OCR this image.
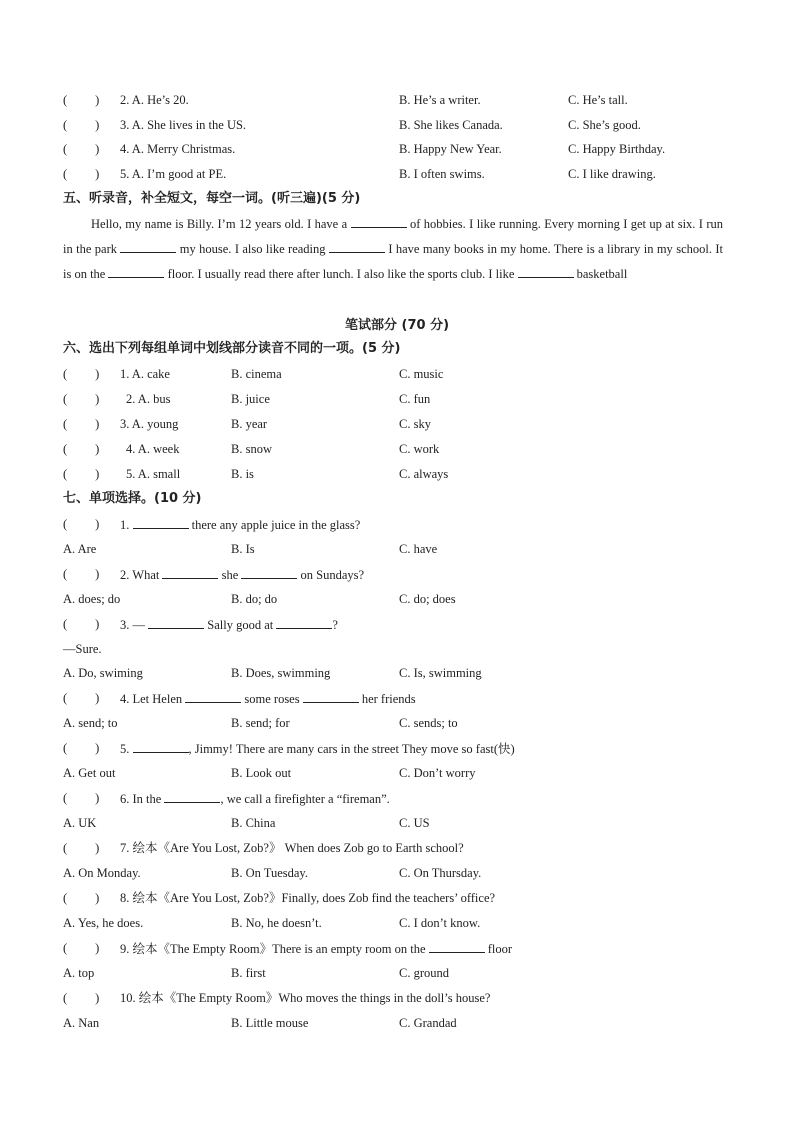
( ) 2. A. He’s 20.	B. He’s a writer.	C. He’s tall.
( ) 3. A. She lives in the US.	B. She likes Canada.	C. She’s good.
( ) 4. A. Merry Christmas.	B. Happy New Year.	C. Happy Birthday.
( ) 5. A. I’m good at PE.	B. I often swims.	C. I like drawing.
五、听录音，补全短文，每空一词。(听三遍)(5 分)
Hello, my name is Billy. I’m 12 years old. I have a	of hobbies. I like running. Every morning I get up at six. I run in the park	my house. I also like reading	I have many books in my home. There is a library in my school. It is on the	floor. I usually read there after lunch. I also like the sports club. I like	basketball
笔试部分 (70 分)
六、选出下列每组单词中划线部分读音不同的一项。(5 分)
( ) 1. A. cake	B. cinema	C. music
( ) 2. A. bus	B. juice	C. fun
( ) 3. A. young	B. year	C. sky
( ) 4. A. week	B. snow	C. work
( ) 5. A. small	B. is	C. always
七、单项选择。(10 分)
( ) 1.	there any apple juice in the glass?
A. Are	B. Is	C. have
( ) 2. What	she	on Sundays?
A. does; do	B. do; do	C. do; does
( ) 3. —	Sally good at	?
—Sure.
A. Do, swiming	B. Does, swimming	C. Is, swimming
( ) 4. Let Helen	some roses	her friends
A. send; to	B. send; for	C. sends; to
( ) 5.	, Jimmy! There are many cars in the street They move so fast(快)
A. Get out	B. Look out	C. Don’t worry
( ) 6. In the	, we call a firefighter a “fireman”.
A. UK	B. China	C. US
( ) 7. 绘本《Are You Lost, Zob?》 When does Zob go to Earth school?
A. On Monday.	B. On Tuesday.	C. On Thursday.
( ) 8. 绘本《Are You Lost, Zob?》Finally, does Zob find the teachers’ office?
A. Yes, he does.	B. No, he doesn’t.	C. I don’t know.
( ) 9. 绘本《The Empty Room》There is an empty room on the	floor
A. top	B. first	C. ground
( ) 10. 绘本《The Empty Room》Who moves the things in the doll’s house?
A. Nan	B. Little mouse	C. Grandad
